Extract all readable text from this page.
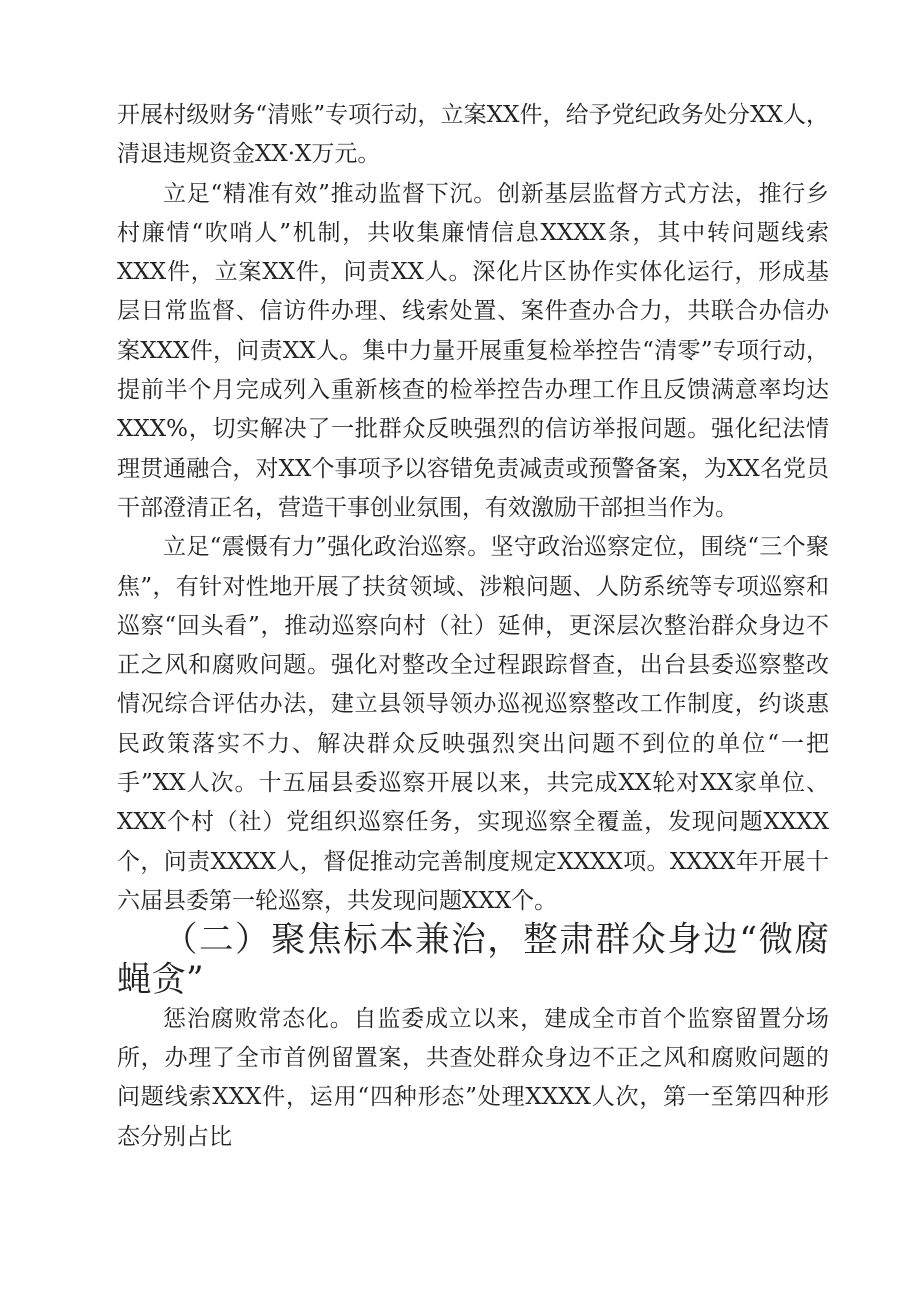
开展村级财务“清账”专项行动，立案XX件，给予党纪政务处分XX人，清退违规资金XX·X万元。

立足“精准有效”推动监督下沉。创新基层监督方式方法，推行乡村廉情“吹哨人”机制，共收集廉情信息XXXX条，其中转问题线索XXX件，立案XX件，问责XX人。深化片区协作实体化运行，形成基层日常监督、信访件办理、线索处置、案件查办合力，共联合办信办案XXX件，问责XX人。集中力量开展重复检举控告“清零”专项行动，提前半个月完成列入重新核查的检举控告办理工作且反馈满意率均达XXX%，切实解决了一批群众反映强烈的信访举报问题。强化纪法情理贯通融合，对XX个事项予以容错免责减责或预警备案，为XX名党员干部澄清正名，营造干事创业氛围，有效激励干部担当作为。

立足“震慑有力”强化政治巡察。坚守政治巡察定位，围绕“三个聚焦”，有针对性地开展了扶贫领域、涉粮问题、人防系统等专项巡察和巡察“回头看”，推动巡察向村（社）延伸，更深层次整治群众身边不正之风和腐败问题。强化对整改全过程跟踪督查，出台县委巡察整改情况综合评估办法，建立县领导领办巡视巡察整改工作制度，约谈惠民政策落实不力、解决群众反映强烈突出问题不到位的单位“一把手”XX人次。十五届县委巡察开展以来，共完成XX轮对XX家单位、XXX个村（社）党组织巡察任务，实现巡察全覆盖，发现问题XXXX个，问责XXXX人，督促推动完善制度规定XXXX项。XXXX年开展十六届县委第一轮巡察，共发现问题XXX个。

（二）聚焦标本兼治，整肃群众身边“微腐蝇贪”

惩治腐败常态化。自监委成立以来，建成全市首个监察留置分场所，办理了全市首例留置案，共查处群众身边不正之风和腐败问题的问题线索XXX件，运用“四种形态”处理XXXX人次，第一至第四种形态分别占比
